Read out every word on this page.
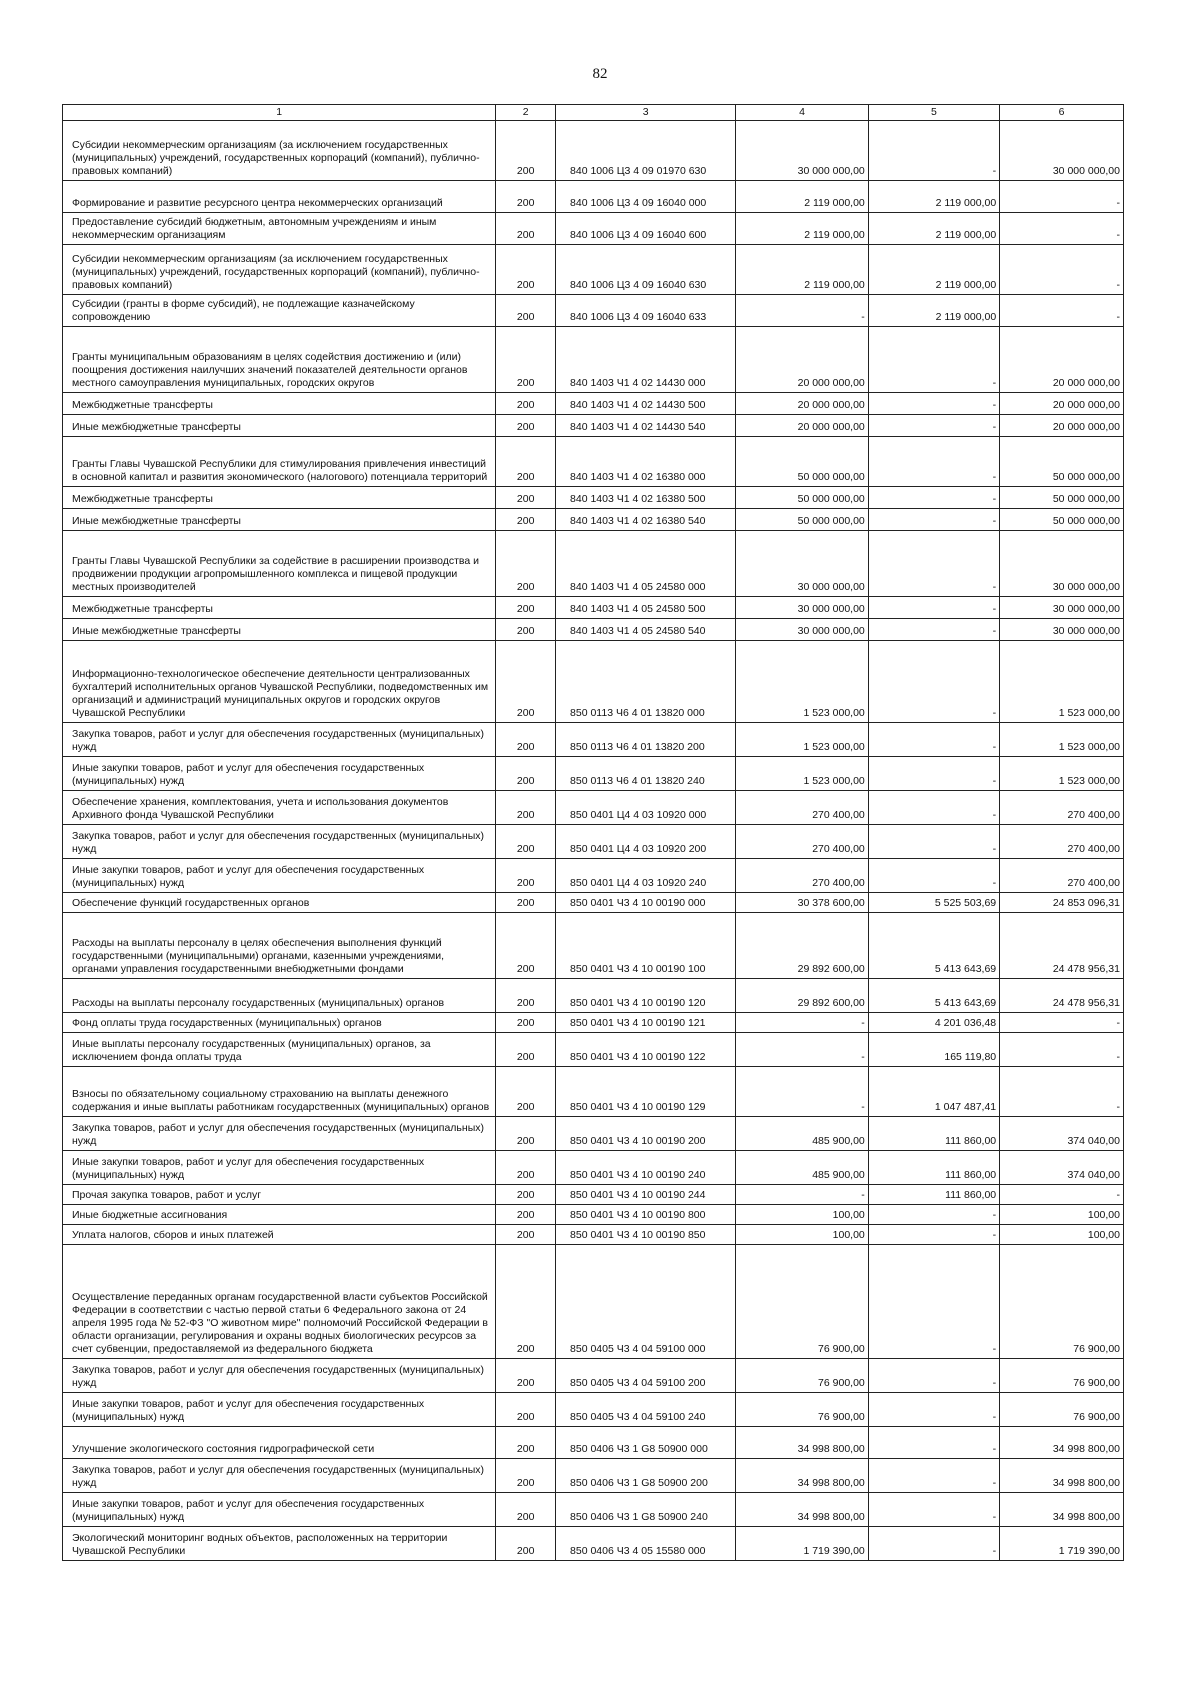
82
1	2	3	4	5	6
Субсидии некоммерческим организациям (за исключением государственных (муниципальных) учреждений, государственных корпораций (компаний), публично-правовых компаний)	200	840 1006 Ц3 4 09 01970 630	30 000 000,00	-	30 000 000,00
Формирование и развитие ресурсного центра некоммерческих организаций	200	840 1006 Ц3 4 09 16040 000	2 119 000,00	2 119 000,00	-
Предоставление субсидий бюджетным, автономным учреждениям и иным некоммерческим организациям	200	840 1006 Ц3 4 09 16040 600	2 119 000,00	2 119 000,00	-
Субсидии некоммерческим организациям (за исключением государственных (муниципальных) учреждений, государственных корпораций (компаний), публично-правовых компаний)	200	840 1006 Ц3 4 09 16040 630	2 119 000,00	2 119 000,00	-
Субсидии (гранты в форме субсидий), не подлежащие казначейскому сопровождению	200	840 1006 Ц3 4 09 16040 633	-	2 119 000,00	-
Гранты муниципальным образованиям в целях содействия достижению и (или) поощрения достижения наилучших значений показателей деятельности органов местного самоуправления муниципальных, городских округов	200	840 1403 Ч1 4 02 14430 000	20 000 000,00	-	20 000 000,00
Межбюджетные трансферты	200	840 1403 Ч1 4 02 14430 500	20 000 000,00	-	20 000 000,00
Иные межбюджетные трансферты	200	840 1403 Ч1 4 02 14430 540	20 000 000,00	-	20 000 000,00
Гранты Главы Чувашской Республики для стимулирования привлечения инвестиций в основной капитал и развития экономического (налогового) потенциала территорий	200	840 1403 Ч1 4 02 16380 000	50 000 000,00	-	50 000 000,00
Межбюджетные трансферты	200	840 1403 Ч1 4 02 16380 500	50 000 000,00	-	50 000 000,00
Иные межбюджетные трансферты	200	840 1403 Ч1 4 02 16380 540	50 000 000,00	-	50 000 000,00
Гранты Главы Чувашской Республики за содействие в расширении производства и продвижении продукции агропромышленного комплекса и пищевой продукции местных производителей	200	840 1403 Ч1 4 05 24580 000	30 000 000,00	-	30 000 000,00
Межбюджетные трансферты	200	840 1403 Ч1 4 05 24580 500	30 000 000,00	-	30 000 000,00
Иные межбюджетные трансферты	200	840 1403 Ч1 4 05 24580 540	30 000 000,00	-	30 000 000,00
Информационно-технологическое обеспечение деятельности централизованных бухгалтерий исполнительных органов Чувашской Республики, подведомственных им организаций и администраций муниципальных округов и городских округов Чувашской Республики	200	850 0113 Ч6 4 01 13820 000	1 523 000,00	-	1 523 000,00
Закупка товаров, работ и услуг для обеспечения государственных (муниципальных) нужд	200	850 0113 Ч6 4 01 13820 200	1 523 000,00	-	1 523 000,00
Иные закупки товаров, работ и услуг для обеспечения государственных (муниципальных) нужд	200	850 0113 Ч6 4 01 13820 240	1 523 000,00	-	1 523 000,00
Обеспечение хранения, комплектования, учета и использования документов Архивного фонда Чувашской Республики	200	850 0401 Ц4 4 03 10920 000	270 400,00	-	270 400,00
Закупка товаров, работ и услуг для обеспечения государственных (муниципальных) нужд	200	850 0401 Ц4 4 03 10920 200	270 400,00	-	270 400,00
Иные закупки товаров, работ и услуг для обеспечения государственных (муниципальных) нужд	200	850 0401 Ц4 4 03 10920 240	270 400,00	-	270 400,00
Обеспечение функций государственных органов	200	850 0401 Ч3 4 10 00190 000	30 378 600,00	5 525 503,69	24 853 096,31
Расходы на выплаты персоналу в целях обеспечения выполнения функций государственными (муниципальными) органами, казенными учреждениями, органами управления государственными внебюджетными фондами	200	850 0401 Ч3 4 10 00190 100	29 892 600,00	5 413 643,69	24 478 956,31
Расходы на выплаты персоналу государственных (муниципальных) органов	200	850 0401 Ч3 4 10 00190 120	29 892 600,00	5 413 643,69	24 478 956,31
Фонд оплаты труда государственных (муниципальных) органов	200	850 0401 Ч3 4 10 00190 121	-	4 201 036,48	-
Иные выплаты персоналу государственных (муниципальных) органов, за исключением фонда оплаты труда	200	850 0401 Ч3 4 10 00190 122	-	165 119,80	-
Взносы по обязательному социальному страхованию на выплаты денежного содержания и иные выплаты работникам государственных (муниципальных) органов	200	850 0401 Ч3 4 10 00190 129	-	1 047 487,41	-
Закупка товаров, работ и услуг для обеспечения государственных (муниципальных) нужд	200	850 0401 Ч3 4 10 00190 200	485 900,00	111 860,00	374 040,00
Иные закупки товаров, работ и услуг для обеспечения государственных (муниципальных) нужд	200	850 0401 Ч3 4 10 00190 240	485 900,00	111 860,00	374 040,00
Прочая закупка товаров, работ и услуг	200	850 0401 Ч3 4 10 00190 244	-	111 860,00	-
Иные бюджетные ассигнования	200	850 0401 Ч3 4 10 00190 800	100,00	-	100,00
Уплата налогов, сборов и иных платежей	200	850 0401 Ч3 4 10 00190 850	100,00	-	100,00
Осуществление переданных органам государственной власти субъектов Российской Федерации в соответствии с частью первой статьи 6 Федерального закона от 24 апреля 1995 года № 52-ФЗ "О животном мире" полномочий Российской Федерации в области организации, регулирования и охраны водных биологических ресурсов за счет субвенции, предоставляемой из федерального бюджета	200	850 0405 Ч3 4 04 59100 000	76 900,00	-	76 900,00
Закупка товаров, работ и услуг для обеспечения государственных (муниципальных) нужд	200	850 0405 Ч3 4 04 59100 200	76 900,00	-	76 900,00
Иные закупки товаров, работ и услуг для обеспечения государственных (муниципальных) нужд	200	850 0405 Ч3 4 04 59100 240	76 900,00	-	76 900,00
Улучшение экологического состояния гидрографической сети	200	850 0406 Ч3 1 G8 50900 000	34 998 800,00	-	34 998 800,00
Закупка товаров, работ и услуг для обеспечения государственных (муниципальных) нужд	200	850 0406 Ч3 1 G8 50900 200	34 998 800,00	-	34 998 800,00
Иные закупки товаров, работ и услуг для обеспечения государственных (муниципальных) нужд	200	850 0406 Ч3 1 G8 50900 240	34 998 800,00	-	34 998 800,00
Экологический мониторинг водных объектов, расположенных на территории Чувашской Республики	200	850 0406 Ч3 4 05 15580 000	1 719 390,00	-	1 719 390,00
